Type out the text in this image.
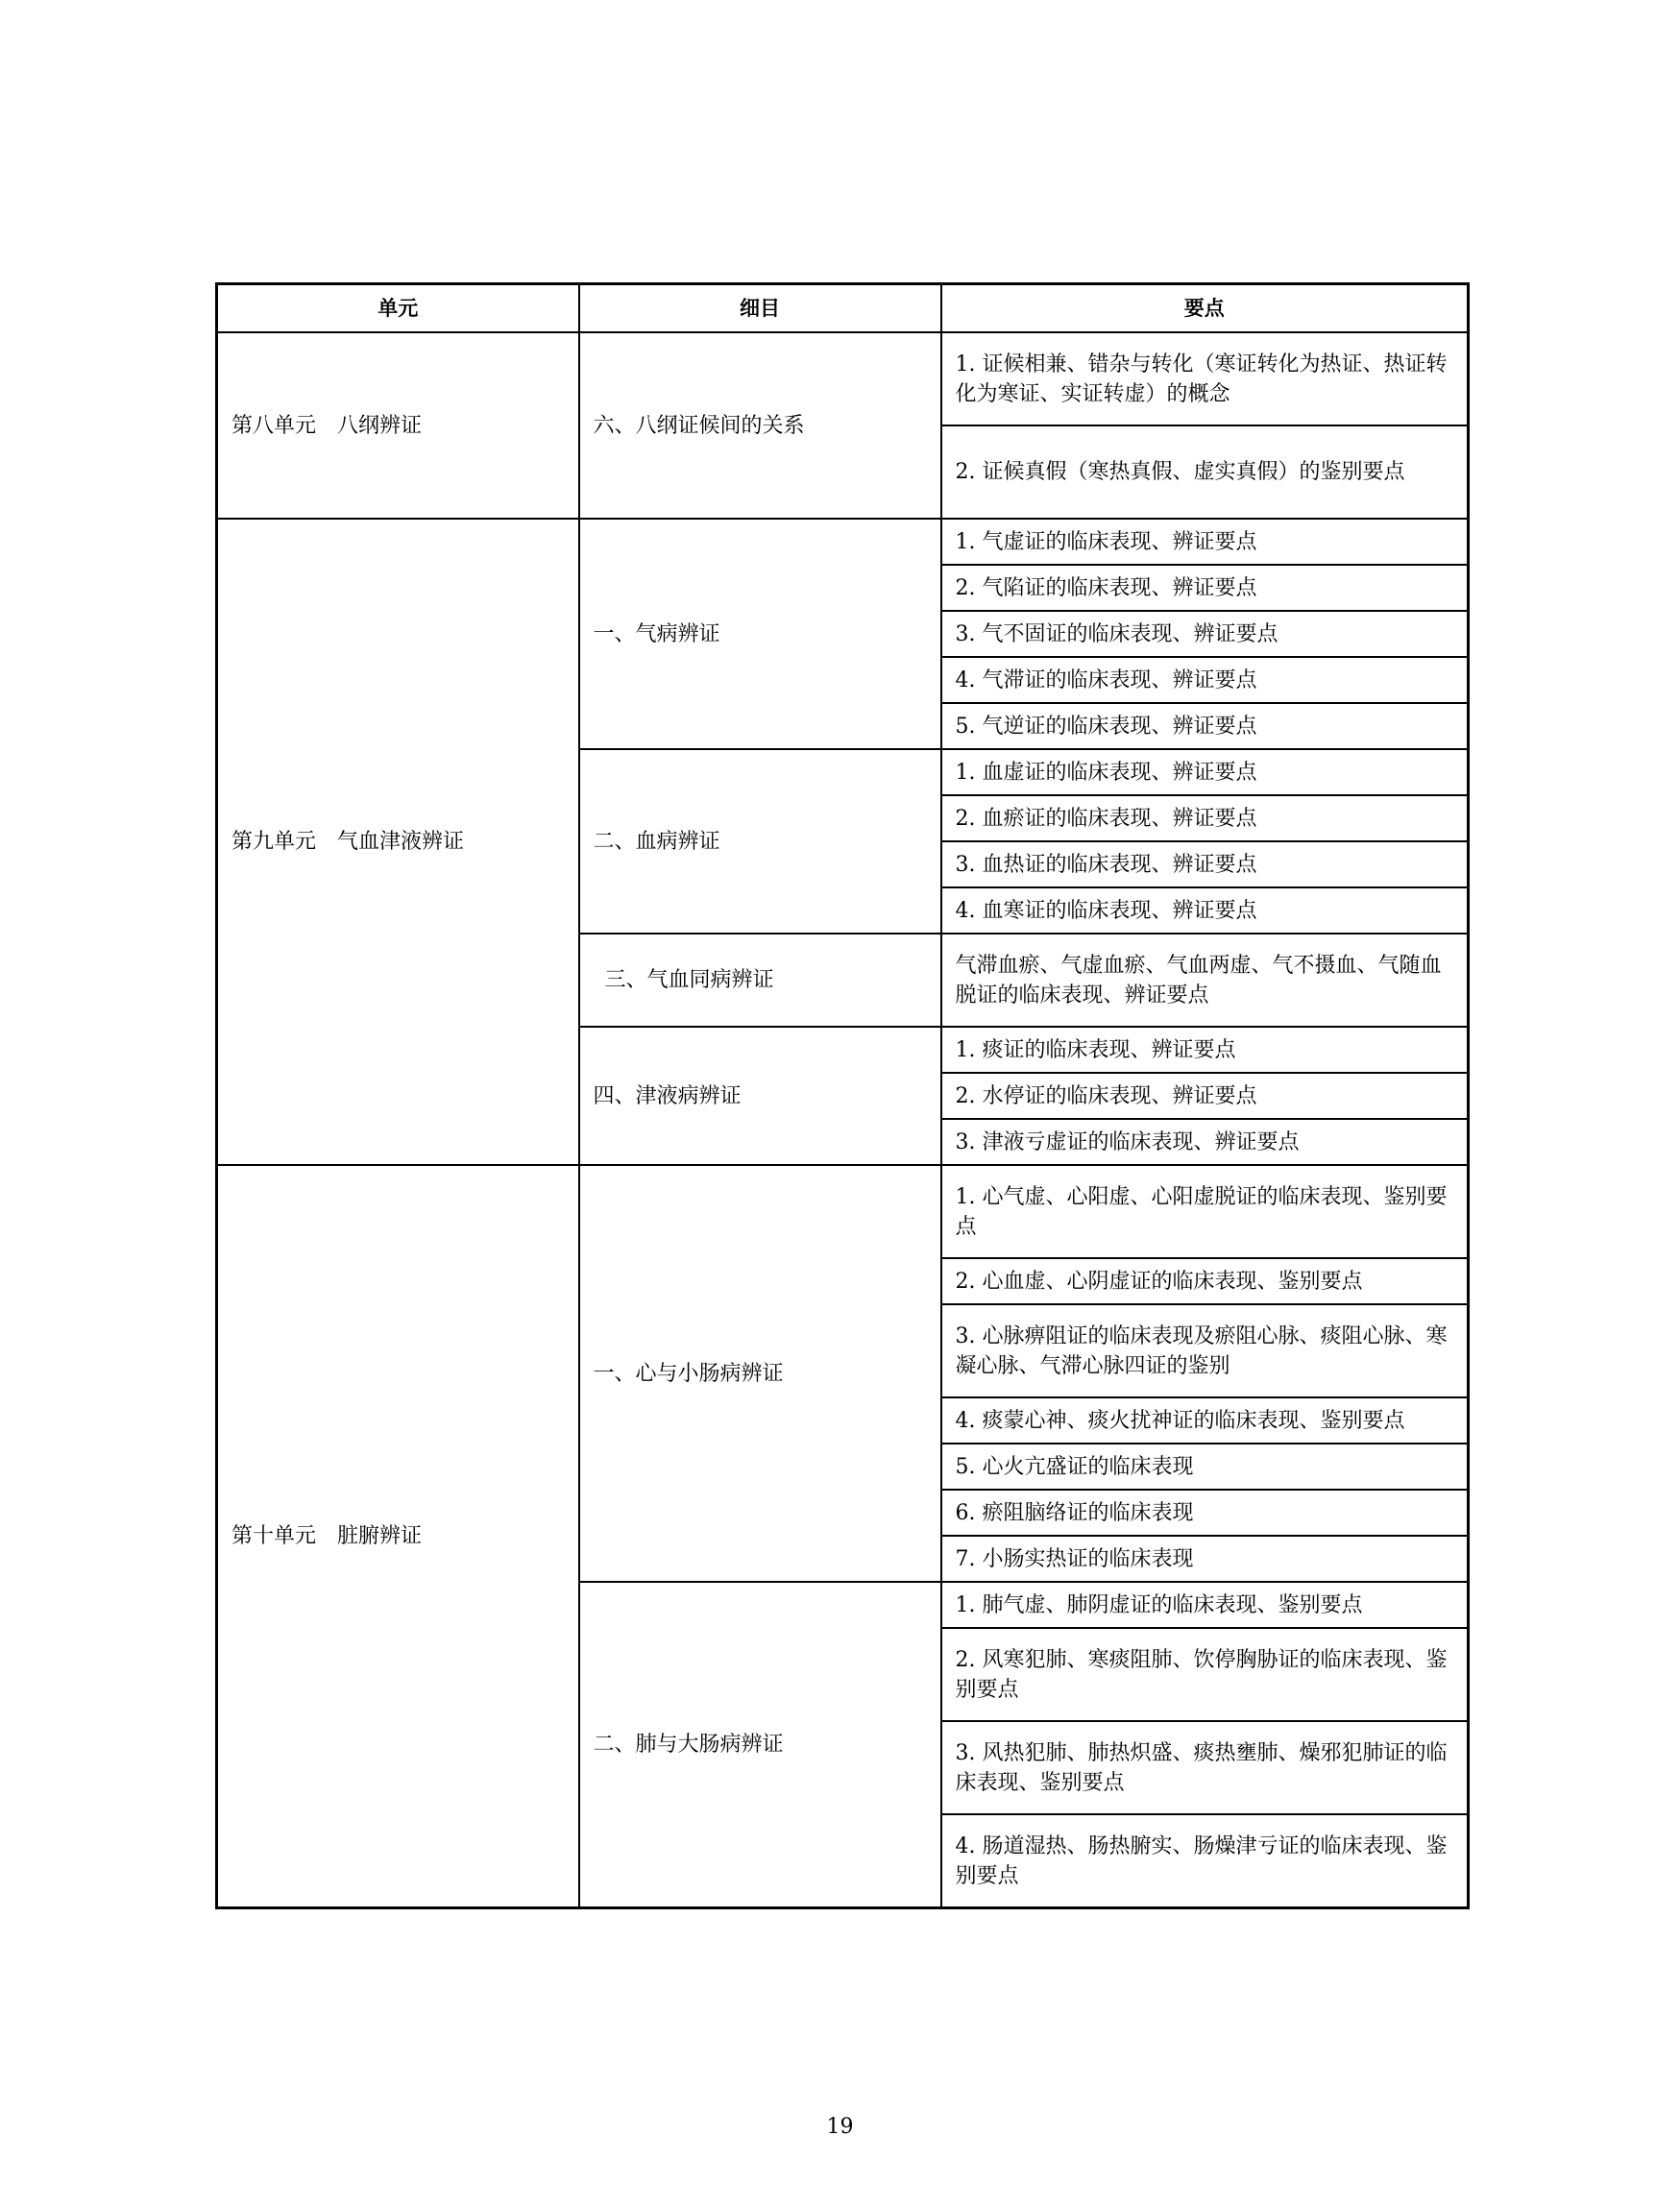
单元	细目	要点
第八单元　八纲辨证	六、八纲证候间的关系	1. 证候相兼、错杂与转化（寒证转化为热证、热证转化为寒证、实证转虚）的概念
		2. 证候真假（寒热真假、虚实真假）的鉴别要点
第九单元　气血津液辨证	一、气病辨证	1. 气虚证的临床表现、辨证要点
		2. 气陷证的临床表现、辨证要点
		3. 气不固证的临床表现、辨证要点
		4. 气滞证的临床表现、辨证要点
		5. 气逆证的临床表现、辨证要点
	二、血病辨证	1. 血虚证的临床表现、辨证要点
		2. 血瘀证的临床表现、辨证要点
		3. 血热证的临床表现、辨证要点
		4. 血寒证的临床表现、辨证要点
	三、气血同病辨证	气滞血瘀、气虚血瘀、气血两虚、气不摄血、气随血脱证的临床表现、辨证要点
	四、津液病辨证	1. 痰证的临床表现、辨证要点
		2. 水停证的临床表现、辨证要点
		3. 津液亏虚证的临床表现、辨证要点
第十单元　脏腑辨证	一、心与小肠病辨证	1. 心气虚、心阳虚、心阳虚脱证的临床表现、鉴别要点
		2. 心血虚、心阴虚证的临床表现、鉴别要点
		3. 心脉痹阻证的临床表现及瘀阻心脉、痰阻心脉、寒凝心脉、气滞心脉四证的鉴别
		4. 痰蒙心神、痰火扰神证的临床表现、鉴别要点
		5. 心火亢盛证的临床表现
		6. 瘀阻脑络证的临床表现
		7. 小肠实热证的临床表现
	二、肺与大肠病辨证	1. 肺气虚、肺阴虚证的临床表现、鉴别要点
		2. 风寒犯肺、寒痰阻肺、饮停胸胁证的临床表现、鉴别要点
		3. 风热犯肺、肺热炽盛、痰热壅肺、燥邪犯肺证的临床表现、鉴别要点
		4. 肠道湿热、肠热腑实、肠燥津亏证的临床表现、鉴别要点
19
